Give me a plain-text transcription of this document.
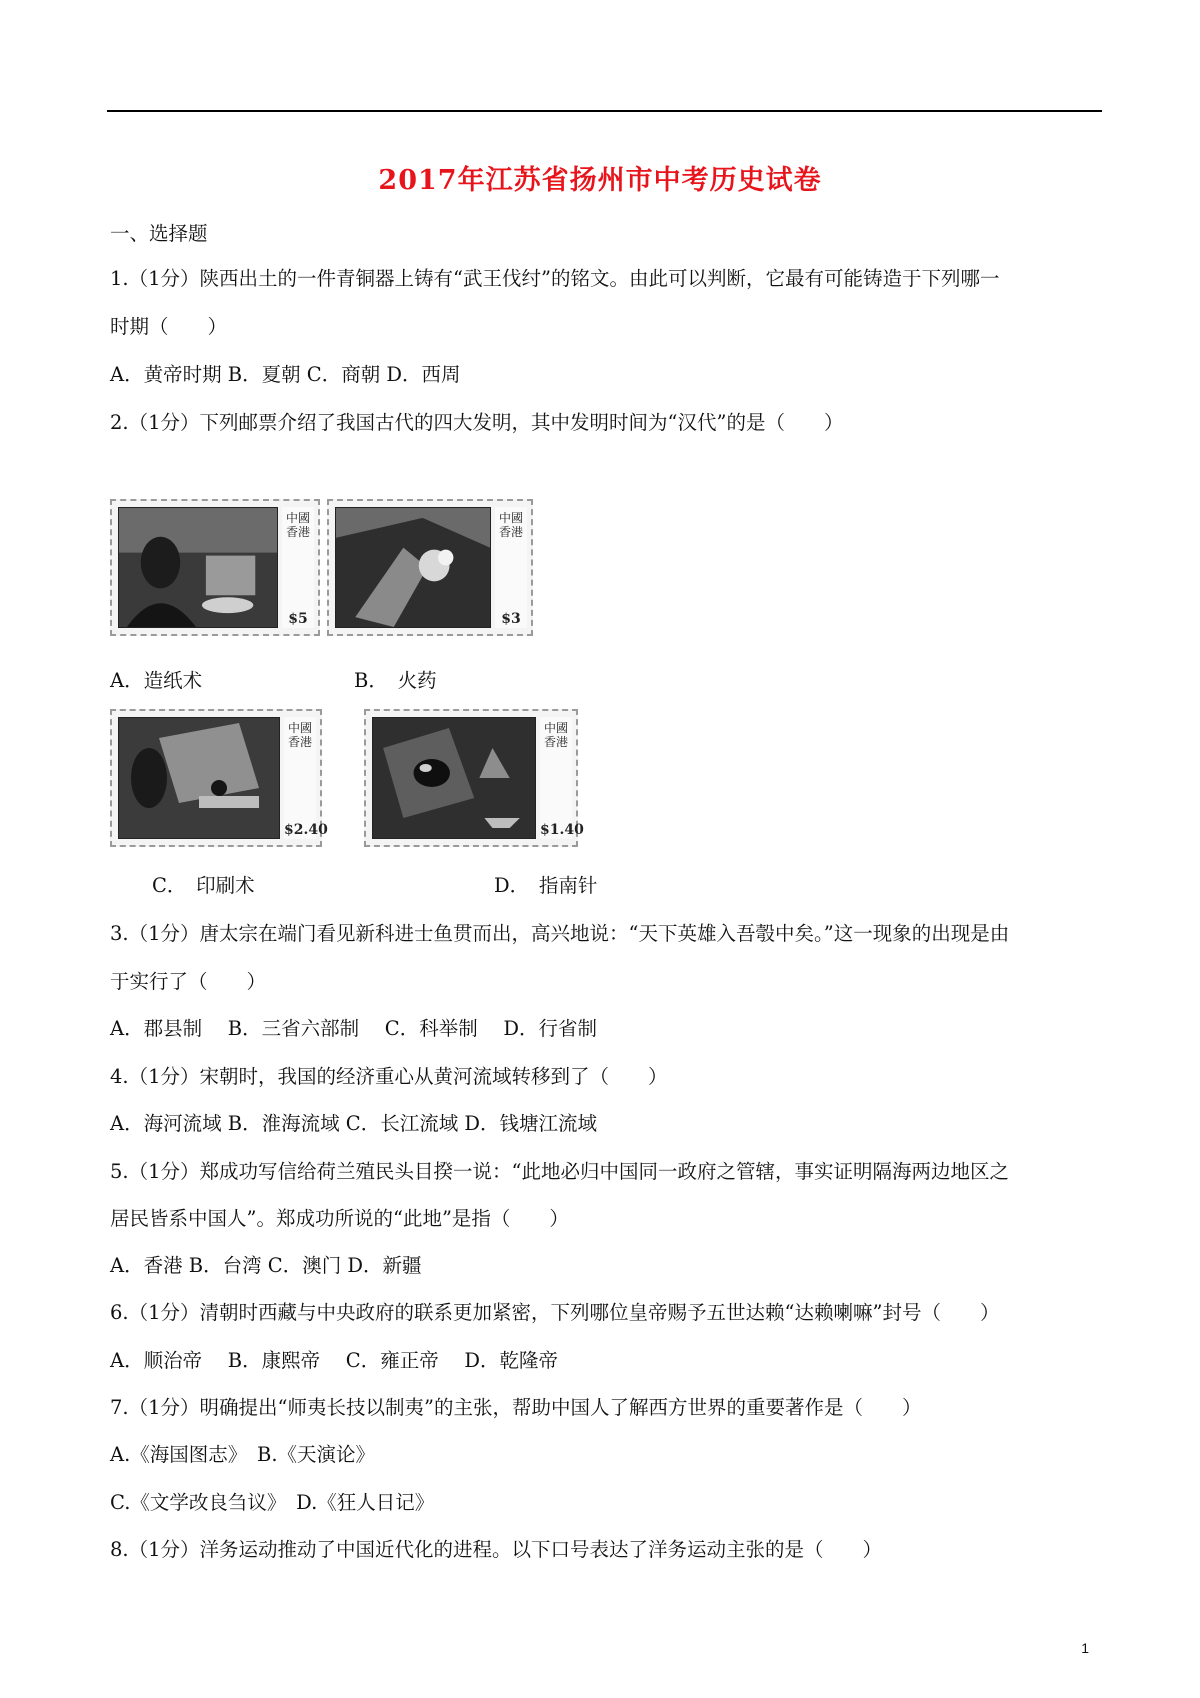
2017年江苏省扬州市中考历史试卷
一、选择题
1.（1分）陕西出土的一件青铜器上铸有“武王伐纣”的铭文。由此可以判断，它最有可能铸造于下列哪一
时期（　　）
A．黄帝时期 B．夏朝 C．商朝 D．西周
2.（1分）下列邮票介绍了我国古代的四大发明，其中发明时间为“汉代”的是（　　）
中國香港
$5
中國香港
$3
A．造纸术	B．　火药
中國香港
$2.40
中國香港
$1.40
C．　印刷术	D．　指南针
3.（1分）唐太宗在端门看见新科进士鱼贯而出，高兴地说：“天下英雄入吾彀中矣。”这一现象的出现是由
于实行了（　　）
A．郡县制　 B．三省六部制　 C．科举制　 D．行省制
4.（1分）宋朝时，我国的经济重心从黄河流域转移到了（　　）
A．海河流域 B．淮海流域 C．长江流域 D．钱塘江流域
5.（1分）郑成功写信给荷兰殖民头目揆一说：“此地必归中国同一政府之管辖，事实证明隔海两边地区之
居民皆系中国人”。郑成功所说的“此地”是指（　　）
A．香港 B．台湾 C．澳门 D．新疆
6.（1分）清朝时西藏与中央政府的联系更加紧密，下列哪位皇帝赐予五世达赖“达赖喇嘛”封号（　　）
A．顺治帝　 B．康熙帝　 C．雍正帝　 D．乾隆帝
7.（1分）明确提出“师夷长技以制夷”的主张，帮助中国人了解西方世界的重要著作是（　　）
A.《海国图志》　B.《天演论》
C.《文学改良刍议》　D.《狂人日记》
8.（1分）洋务运动推动了中国近代化的进程。以下口号表达了洋务运动主张的是（　　）
1
